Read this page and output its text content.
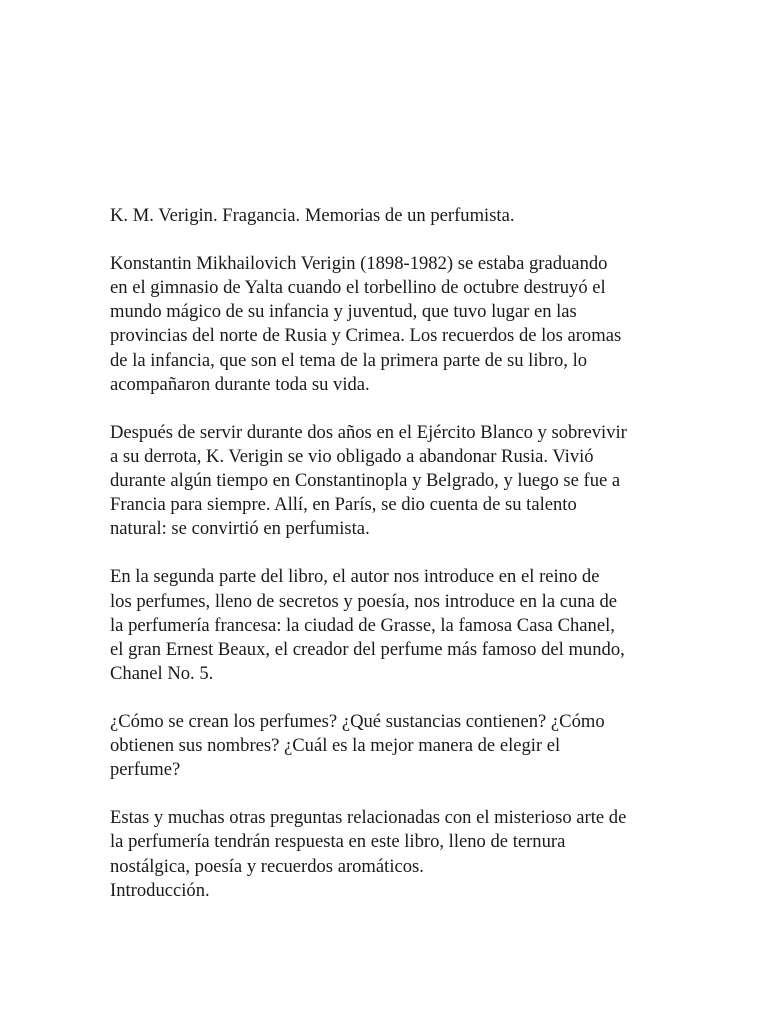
K. M. Verigin. Fragancia. Memorias de un perfumista.

Konstantin Mikhailovich Verigin (1898-1982) se estaba graduando
en el gimnasio de Yalta cuando el torbellino de octubre destruyó el
mundo mágico de su infancia y juventud, que tuvo lugar en las
provincias del norte de Rusia y Crimea. Los recuerdos de los aromas
de la infancia, que son el tema de la primera parte de su libro, lo
acompañaron durante toda su vida.

Después de servir durante dos años en el Ejército Blanco y sobrevivir
a su derrota, K. Verigin se vio obligado a abandonar Rusia. Vivió
durante algún tiempo en Constantinopla y Belgrado, y luego se fue a
Francia para siempre. Allí, en París, se dio cuenta de su talento
natural: se convirtió en perfumista.

En la segunda parte del libro, el autor nos introduce en el reino de
los perfumes, lleno de secretos y poesía, nos introduce en la cuna de
la perfumería francesa: la ciudad de Grasse, la famosa Casa Chanel,
el gran Ernest Beaux, el creador del perfume más famoso del mundo,
Chanel No. 5.

¿Cómo se crean los perfumes? ¿Qué sustancias contienen? ¿Cómo
obtienen sus nombres? ¿Cuál es la mejor manera de elegir el
perfume?

Estas y muchas otras preguntas relacionadas con el misterioso arte de
la perfumería tendrán respuesta en este libro, lleno de ternura
nostálgica, poesía y recuerdos aromáticos.
Introducción.
